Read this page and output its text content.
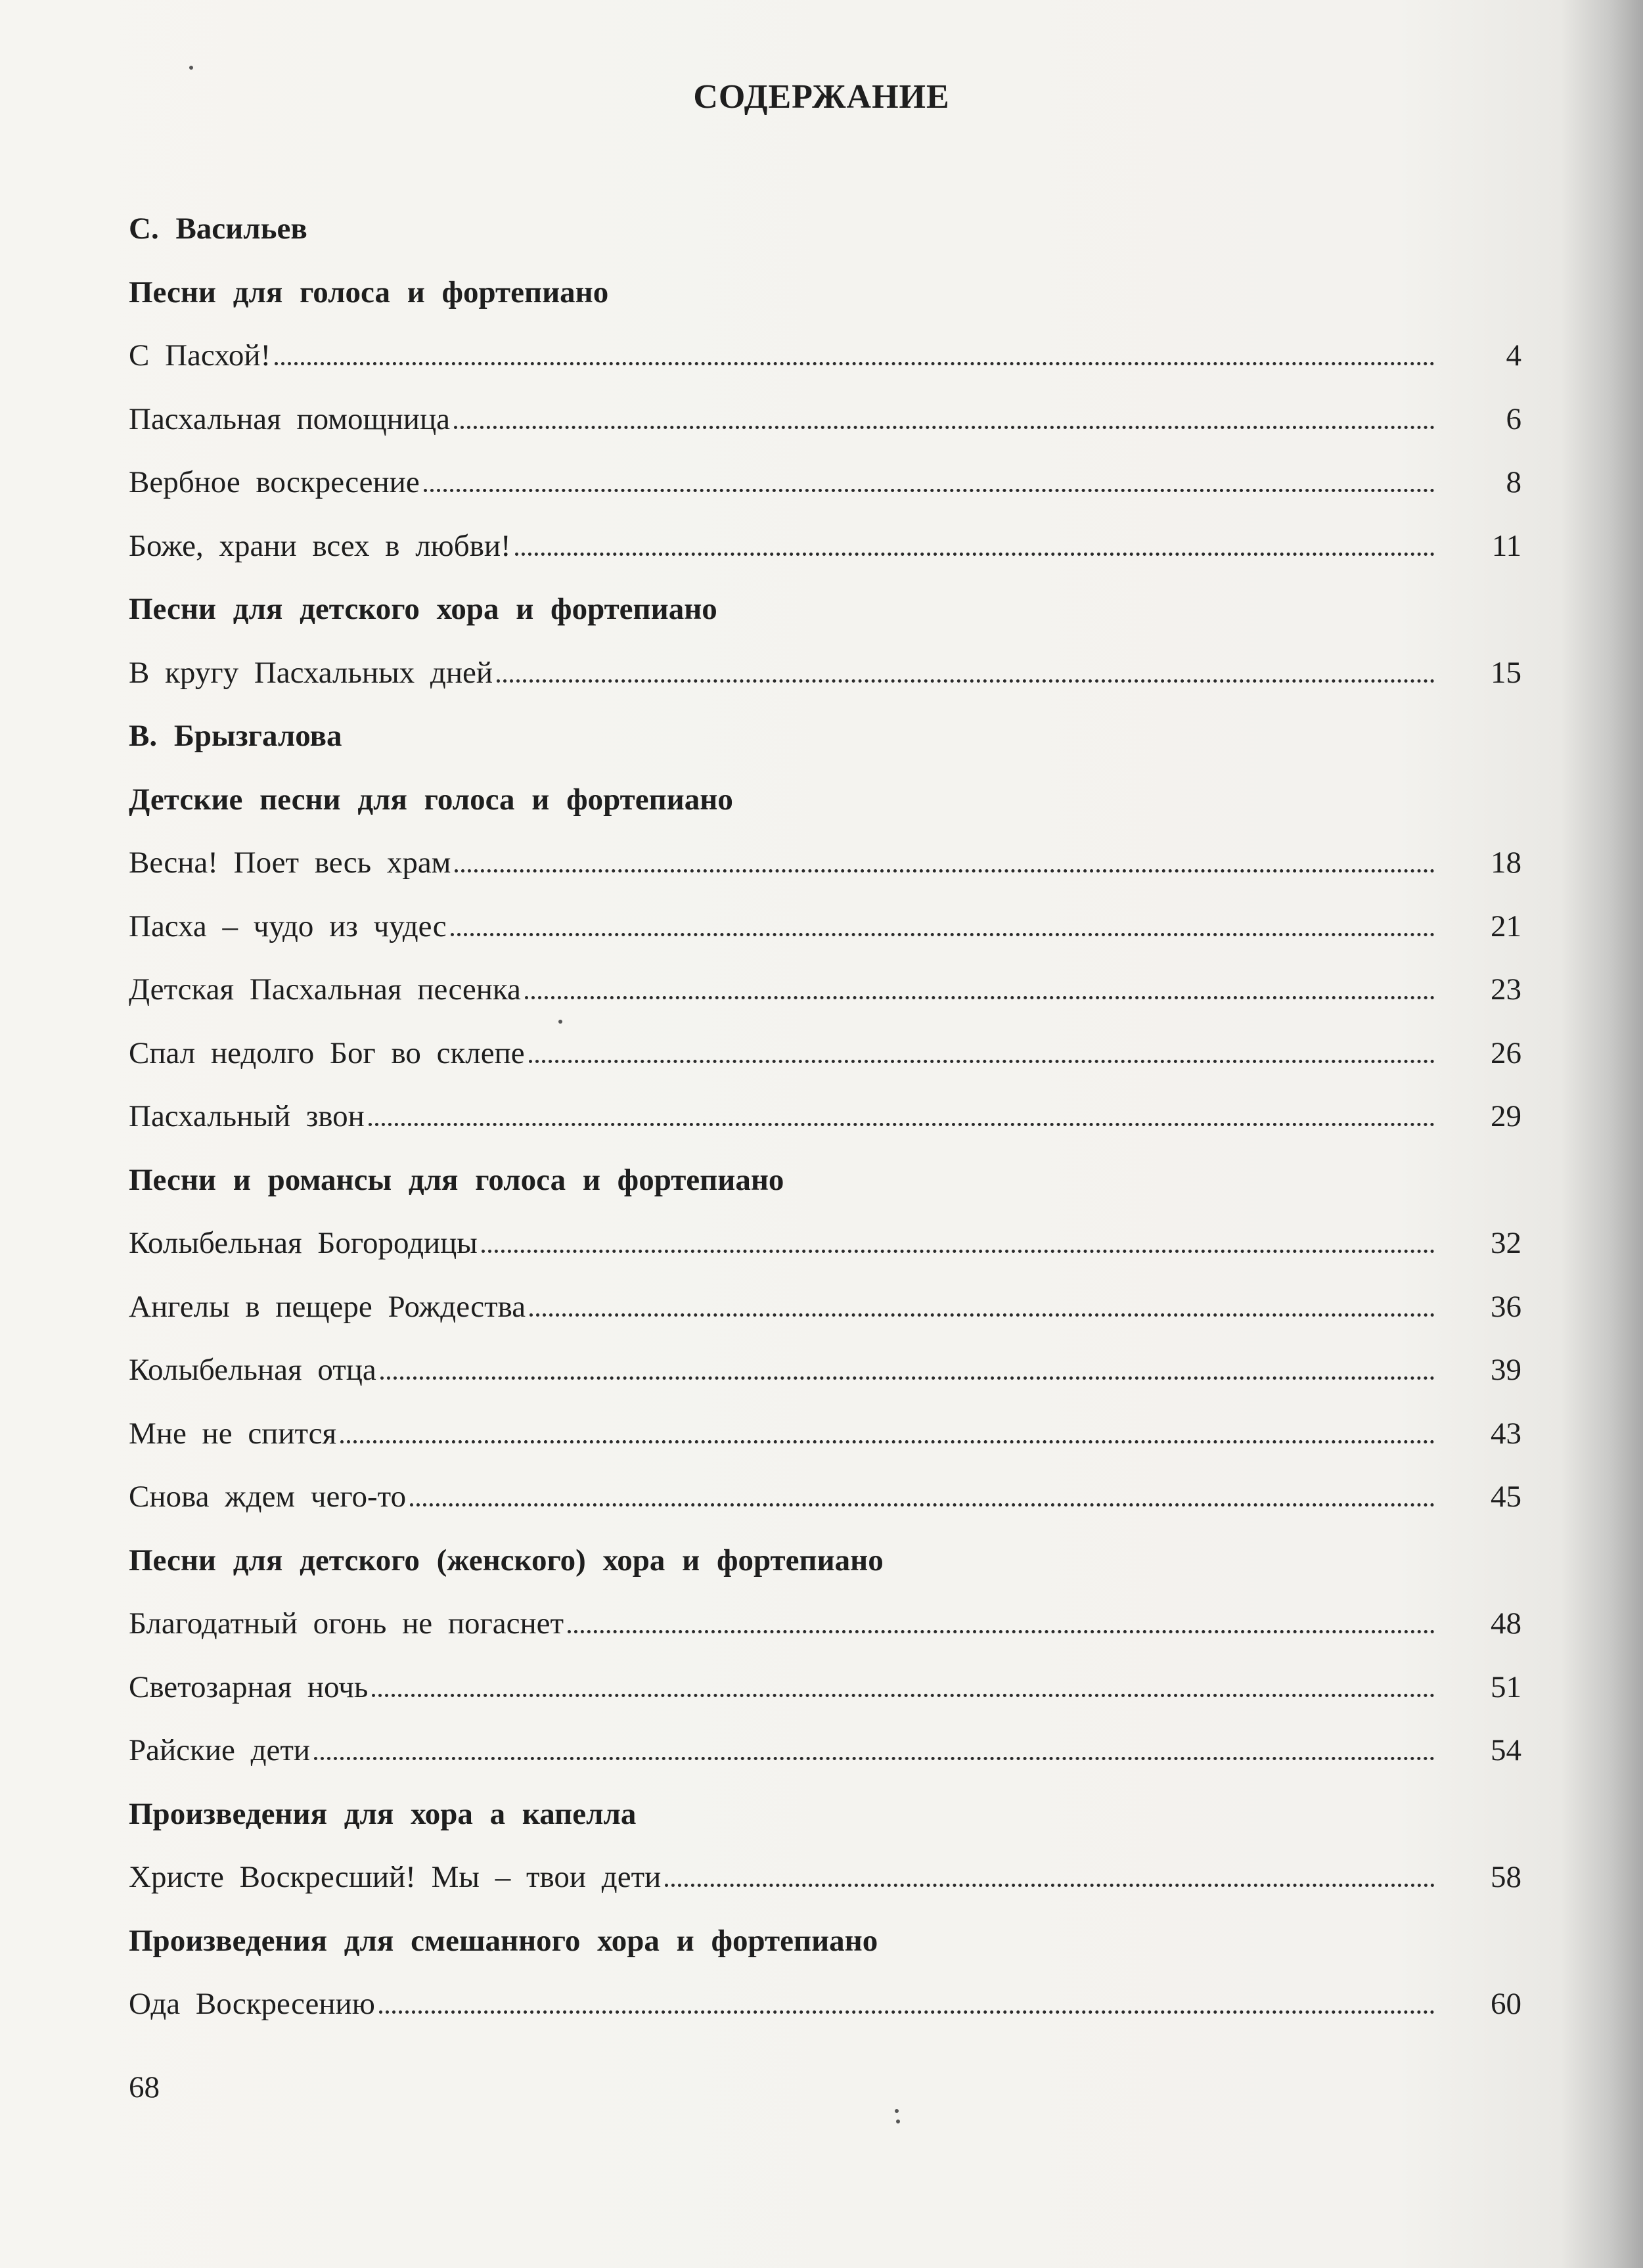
СОДЕРЖАНИЕ
С. Васильев
Песни для голоса и фортепиано
С Пасхой!	4
Пасхальная помощница	6
Вербное воскресение	8
Боже, храни всех в любви!	11
Песни для детского хора и фортепиано
В кругу Пасхальных дней	15
В. Брызгалова
Детские песни для голоса и фортепиано
Весна! Поет весь храм	18
Пасха – чудо из чудес	21
Детская Пасхальная песенка	23
Спал недолго Бог во склепе	26
Пасхальный звон	29
Песни и романсы для голоса и фортепиано
Колыбельная Богородицы	32
Ангелы в пещере Рождества	36
Колыбельная отца	39
Мне не спится	43
Снова ждем чего-то	45
Песни для детского (женского) хора и фортепиано
Благодатный огонь не погаснет	48
Светозарная ночь	51
Райские дети	54
Произведения для хора а капелла
Христе Воскресший! Мы – твои дети	58
Произведения для смешанного хора и фортепиано
Ода Воскресению	60
68
